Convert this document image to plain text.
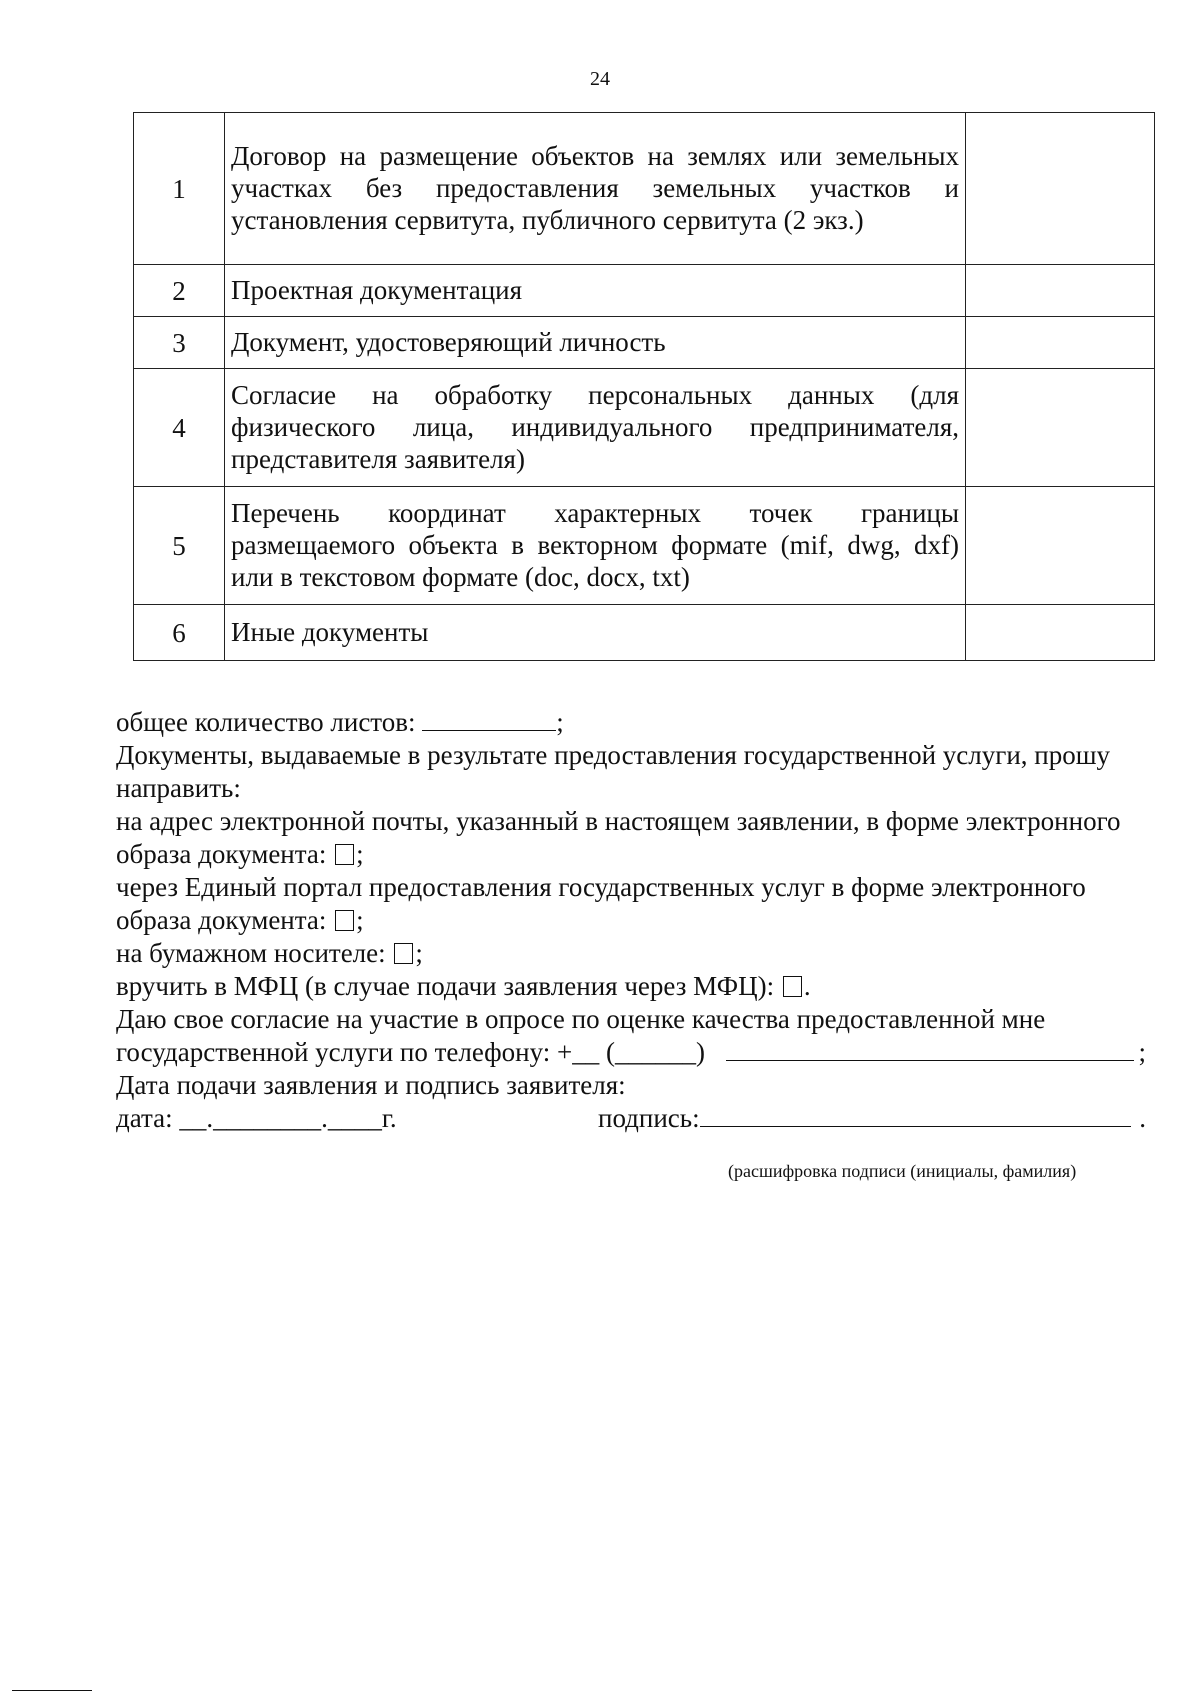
24
1	Договор на размещение объектов на землях или земельных участках без предоставления земельных участков и установления сервитута, публичного сервитута (2 экз.)	

2	Проектная документация	

3	Документ, удостоверяющий личность	

4	Согласие на обработку персональных данных (для физического лица, индивидуального предпринимателя, представителя заявителя)	

5	Перечень координат характерных точек границы размещаемого объекта в векторном формате (mif, dwg, dxf) или в текстовом формате (doc, docx, txt)	

6	Иные документы	

общее количество листов:	;

Документы, выдаваемые в результате предоставления государственной услуги, прошу направить:

на адрес электронной почты, указанный в настоящем заявлении, в форме электронного образа документа: ;

через Единый портал предоставления государственных услуг в форме электронного образа документа: ;

на бумажном носителе: ;

вручить в МФЦ (в случае подачи заявления через МФЦ): .

Даю свое согласие на участие в опросе по оценке качества предоставленной мне государственной услуги по телефону: +__ (______)	;

Дата подачи заявления и подпись заявителя:

дата: __.________.____г.	подпись:	.
(расшифровка подписи (инициалы, фамилия)
